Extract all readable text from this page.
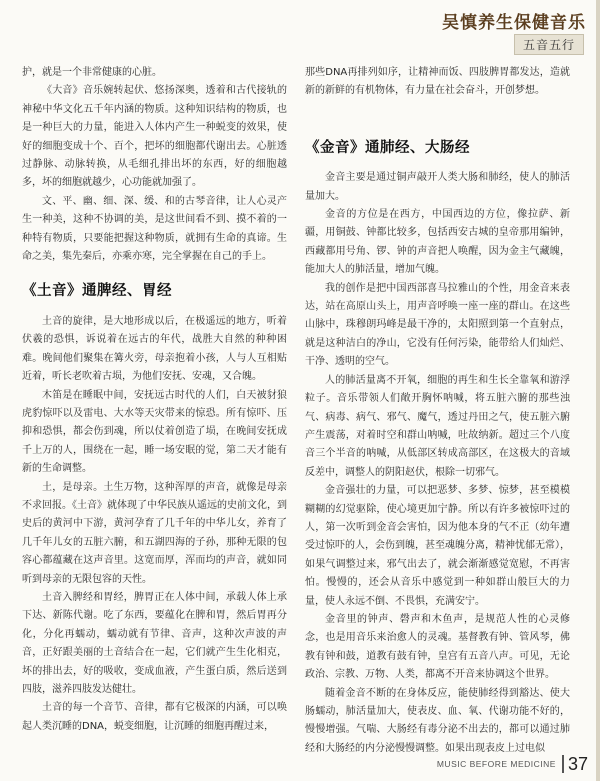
吴慎养生保健音乐
五音五行

护，就是一个非常健康的心脏。

《大音》音乐婉转起伏、悠扬深奥，透着和古代接轨的神秘中华文化五千年内涵的物质。这种知识结构的物质，也是一种巨大的力量，能进入人体内产生一种蜕变的效果，使好的细胞变成十个、百个，把坏的细胞都代谢出去。心脏透过静脉、动脉转换，从毛细孔排出坏的东西，好的细胞越多，坏的细胞就越少，心功能就加强了。

文、平、幽、细、深、缓、和的古琴音律，让人心灵产生一种美，这种不协调的美，是这世间看不到、摸不着的一种特有物质，只要能把握这种物质，就拥有生命的真谛。生命之美，集先秦后，亦乘亦寒，完全掌握在自己的手上。

《土音》通脾经、胃经

土音的旋律，是大地形成以后，在极遥远的地方，听着伏羲的恐惧，诉说着在远古的年代，战胜大自然的种种困难。晚间他们聚集在篝火旁，母亲抱着小孩，人与人互相贴近着，听长老吹着古埙，为他们安抚、安魂，又合魄。

木笛是在睡眠中间，安抚远古时代的人们，白天被豺狼虎豹惊吓以及雷电、大水等天灾带来的惊恐。所有惊吓、压抑和恐惧，都会伤到魂，所以仗着创造了埙，在晚间安抚成千上万的人，围绕在一起，睡一场安眠的觉，第二天才能有新的生命调整。

土，是母亲。土生万物，这种浑厚的声音，就像是母亲不求回报。《土音》就体现了中华民族从遥远的史前文化，到史后的黄河中下游，黄河孕育了几千年的中华儿女，养育了几千年儿女的五脏六腑，和五湖四海的子孙，那种无限的包容心都蕴藏在这声音里。这宽而厚，浑而均的声音，就如同听到母亲的无限包容的天性。

土音入脾经和胃经，脾胃正在人体中间，承载人体上承下达、新陈代谢。吃了东西，要蕴化在脾和胃，然后胃再分化，分化再蠕动，蠕动就有节律、音声，这种次声波的声音，正好跟美丽的土音结合在一起，它们就产生生化相克，坏的排出去，好的吸收，变成血液，产生蛋白质，然后送到四肢，滋养四肢发达健壮。

土音的每一个音节、音律，都有它极深的内涵，可以唤起人类沉睡的DNA，蜕变细胞，让沉睡的细胞再醒过来，

那些DNA再排列如序，让精神而饭、四肢脾胃都发达，造就新的新鲜的有机物体，有力量在社会奋斗，开创梦想。

《金音》通肺经、大肠经

金音主要是通过铜声敲开人类大肠和肺经，使人的肺活量加大。

金音的方位是在西方，中国西边的方位，像拉萨、新疆，用铜鼓、钟都比较多，包括西安古城的皇帝那用编钟，西藏都用号角、锣、钟的声音把人唤醒，因为金主气藏魄，能加大人的肺活量，增加气魄。

我的创作是把中国西部喜马拉雅山的个性，用金音来表达，站在高原山头上，用声音呼唤一座一座的群山。在这些山脉中，珠穆朗玛峰是最干净的，太阳照到第一个直射点，就是这种洁白的净山，它没有任何污染，能带给人们灿烂、干净、透明的空气。

人的肺活量离不开氧，细胞的再生和生长全靠氧和游浮粒子。音乐带领人们敞开胸怀呐喊，将五脏六腑的那些浊气、病毒、病气、邪气、魔气，透过丹田之气，使五脏六腑产生震荡，对着时空和群山呐喊，吐故纳新。超过三个八度音三个半音的呐喊，从低部区转成高部区，在这极大的音域反差中，调整人的阴阳赵伏，根除一切邪气。

金音强壮的力量，可以把恶梦、多梦、惊梦，甚至模模糊糊的幻觉驱除，使心境更加宁静。所以有许多被惊吓过的人，第一次听到金音会害怕，因为他本身的气不正（幼年遭受过惊吓的人，会伤到魄，甚至魂魄分离，精神忧郁无常），如果气调整过来，邪气出去了，就会渐渐感觉宽慰，不再害怕。慢慢的，还会从音乐中感觉到一种如群山般巨大的力量，使人永远不倒、不畏惧，充满安宁。

金音里的钟声、磬声和木鱼声，是规范人性的心灵修念，也是用音乐来治愈人的灵魂。基督教有钟、管风琴，佛教有钟和鼓，道教有鼓有钟，皇宫有五音八声。可见，无论政治、宗教、万物、人类，都离不开音来协调这个世界。

随着金音不断的在身体反应，能使肺经得到豁达、使大肠蠕动，肺活量加大，使表皮、血、氧、代谢功能不好的，慢慢增强。气喘、大肠经有毒分泌不出去的，都可以通过肺经和大肠经的内分泌慢慢调整。如果出现表皮上过电似

MUSIC BEFORE MEDICINE 37
